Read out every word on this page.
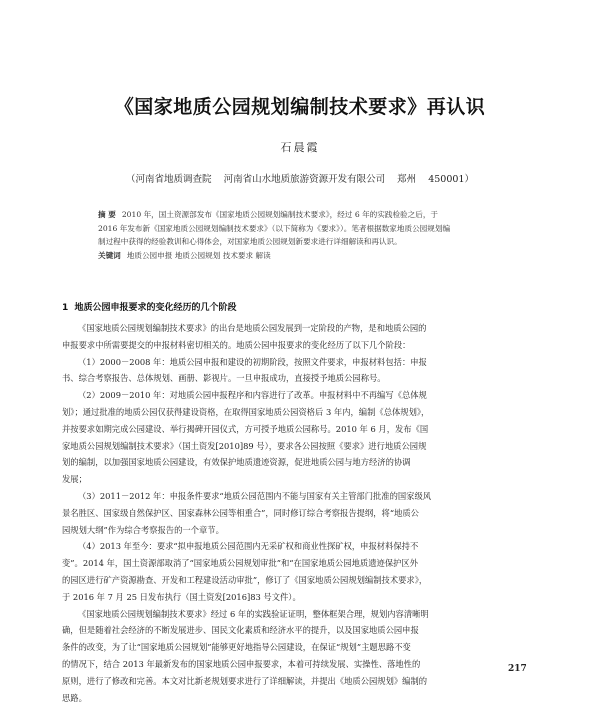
《国家地质公园规划编制技术要求》再认识
石晨霞
（河南省地质调查院    河南省山水地质旅游资源开发有限公司    郑州    450001）
摘 要 2010 年，国土资源部发布《国家地质公园规划编制技术要求》，经过 6 年的实践检验之后，于
2016 年发布新《国家地质公园规划编制技术要求》（以下简称为《要求》）。笔者根据数家地质公园规划编
制过程中获得的经验教训和心得体会，对国家地质公园规划新要求进行详细解读和再认识。
关键词 地质公园申报 地质公园规划 技术要求 解读
1 地质公园申报要求的变化经历的几个阶段
《国家地质公园规划编制技术要求》的出台是地质公园发展到一定阶段的产物，是和地质公园的
申报要求中所需要提交的申报材料密切相关的。地质公园申报要求的变化经历了以下几个阶段：
（1）2000－2008 年：地质公园申报和建设的初期阶段，按照文件要求，申报材料包括：申报
书、综合考察报告、总体规划、画册、影视片。一旦申报成功，直接授予地质公园称号。
（2）2009－2010 年：对地质公园申报程序和内容进行了改革。申报材料中不再编写《总体规
划》；通过批准的地质公园仅获得建设资格，在取得国家地质公园资格后 3 年内，编制《总体规划》，
并按要求如期完成公园建设、举行揭碑开园仪式，方可授予地质公园称号。2010 年 6 月，发布《国
家地质公园规划编制技术要求》（国土资发[2010]89 号），要求各公园按照《要求》进行地质公园规
划的编制，以加强国家地质公园建设，有效保护地质遗迹资源，促进地质公园与地方经济的协调
发展；
（3）2011－2012 年：申报条件要求“地质公园范围内不能与国家有关主管部门批准的国家级风
景名胜区、国家级自然保护区、国家森林公园等相重合”，同时修订综合考察报告提纲，将“地质公
园规划大纲”作为综合考察报告的一个章节。
（4）2013 年至今：要求“拟申报地质公园范围内无采矿权和商业性探矿权，申报材料保持不
变”。2014 年，国土资源部取消了“国家地质公园规划审批”和“在国家地质公园地质遗迹保护区外
的园区进行矿产资源勘查、开发和工程建设活动审批”，修订了《国家地质公园规划编制技术要求》，
于 2016 年 7 月 25 日发布执行（国土资发[2016]83 号文件）。
《国家地质公园规划编制技术要求》经过 6 年的实践验证证明，整体框架合理，规划内容清晰明
确，但是随着社会经济的不断发展进步、国民文化素质和经济水平的提升，以及国家地质公园申报
条件的改变，为了让“国家地质公园规划”能够更好地指导公园建设，在保证“规划”主题思路不变
的情况下，结合 2013 年最新发布的国家地质公园申报要求，本着可持续发展、实操性、落地性的
原则，进行了修改和完善。本文对比新老规划要求进行了详细解读，并提出《地质公园规划》编制的
思路。
217
